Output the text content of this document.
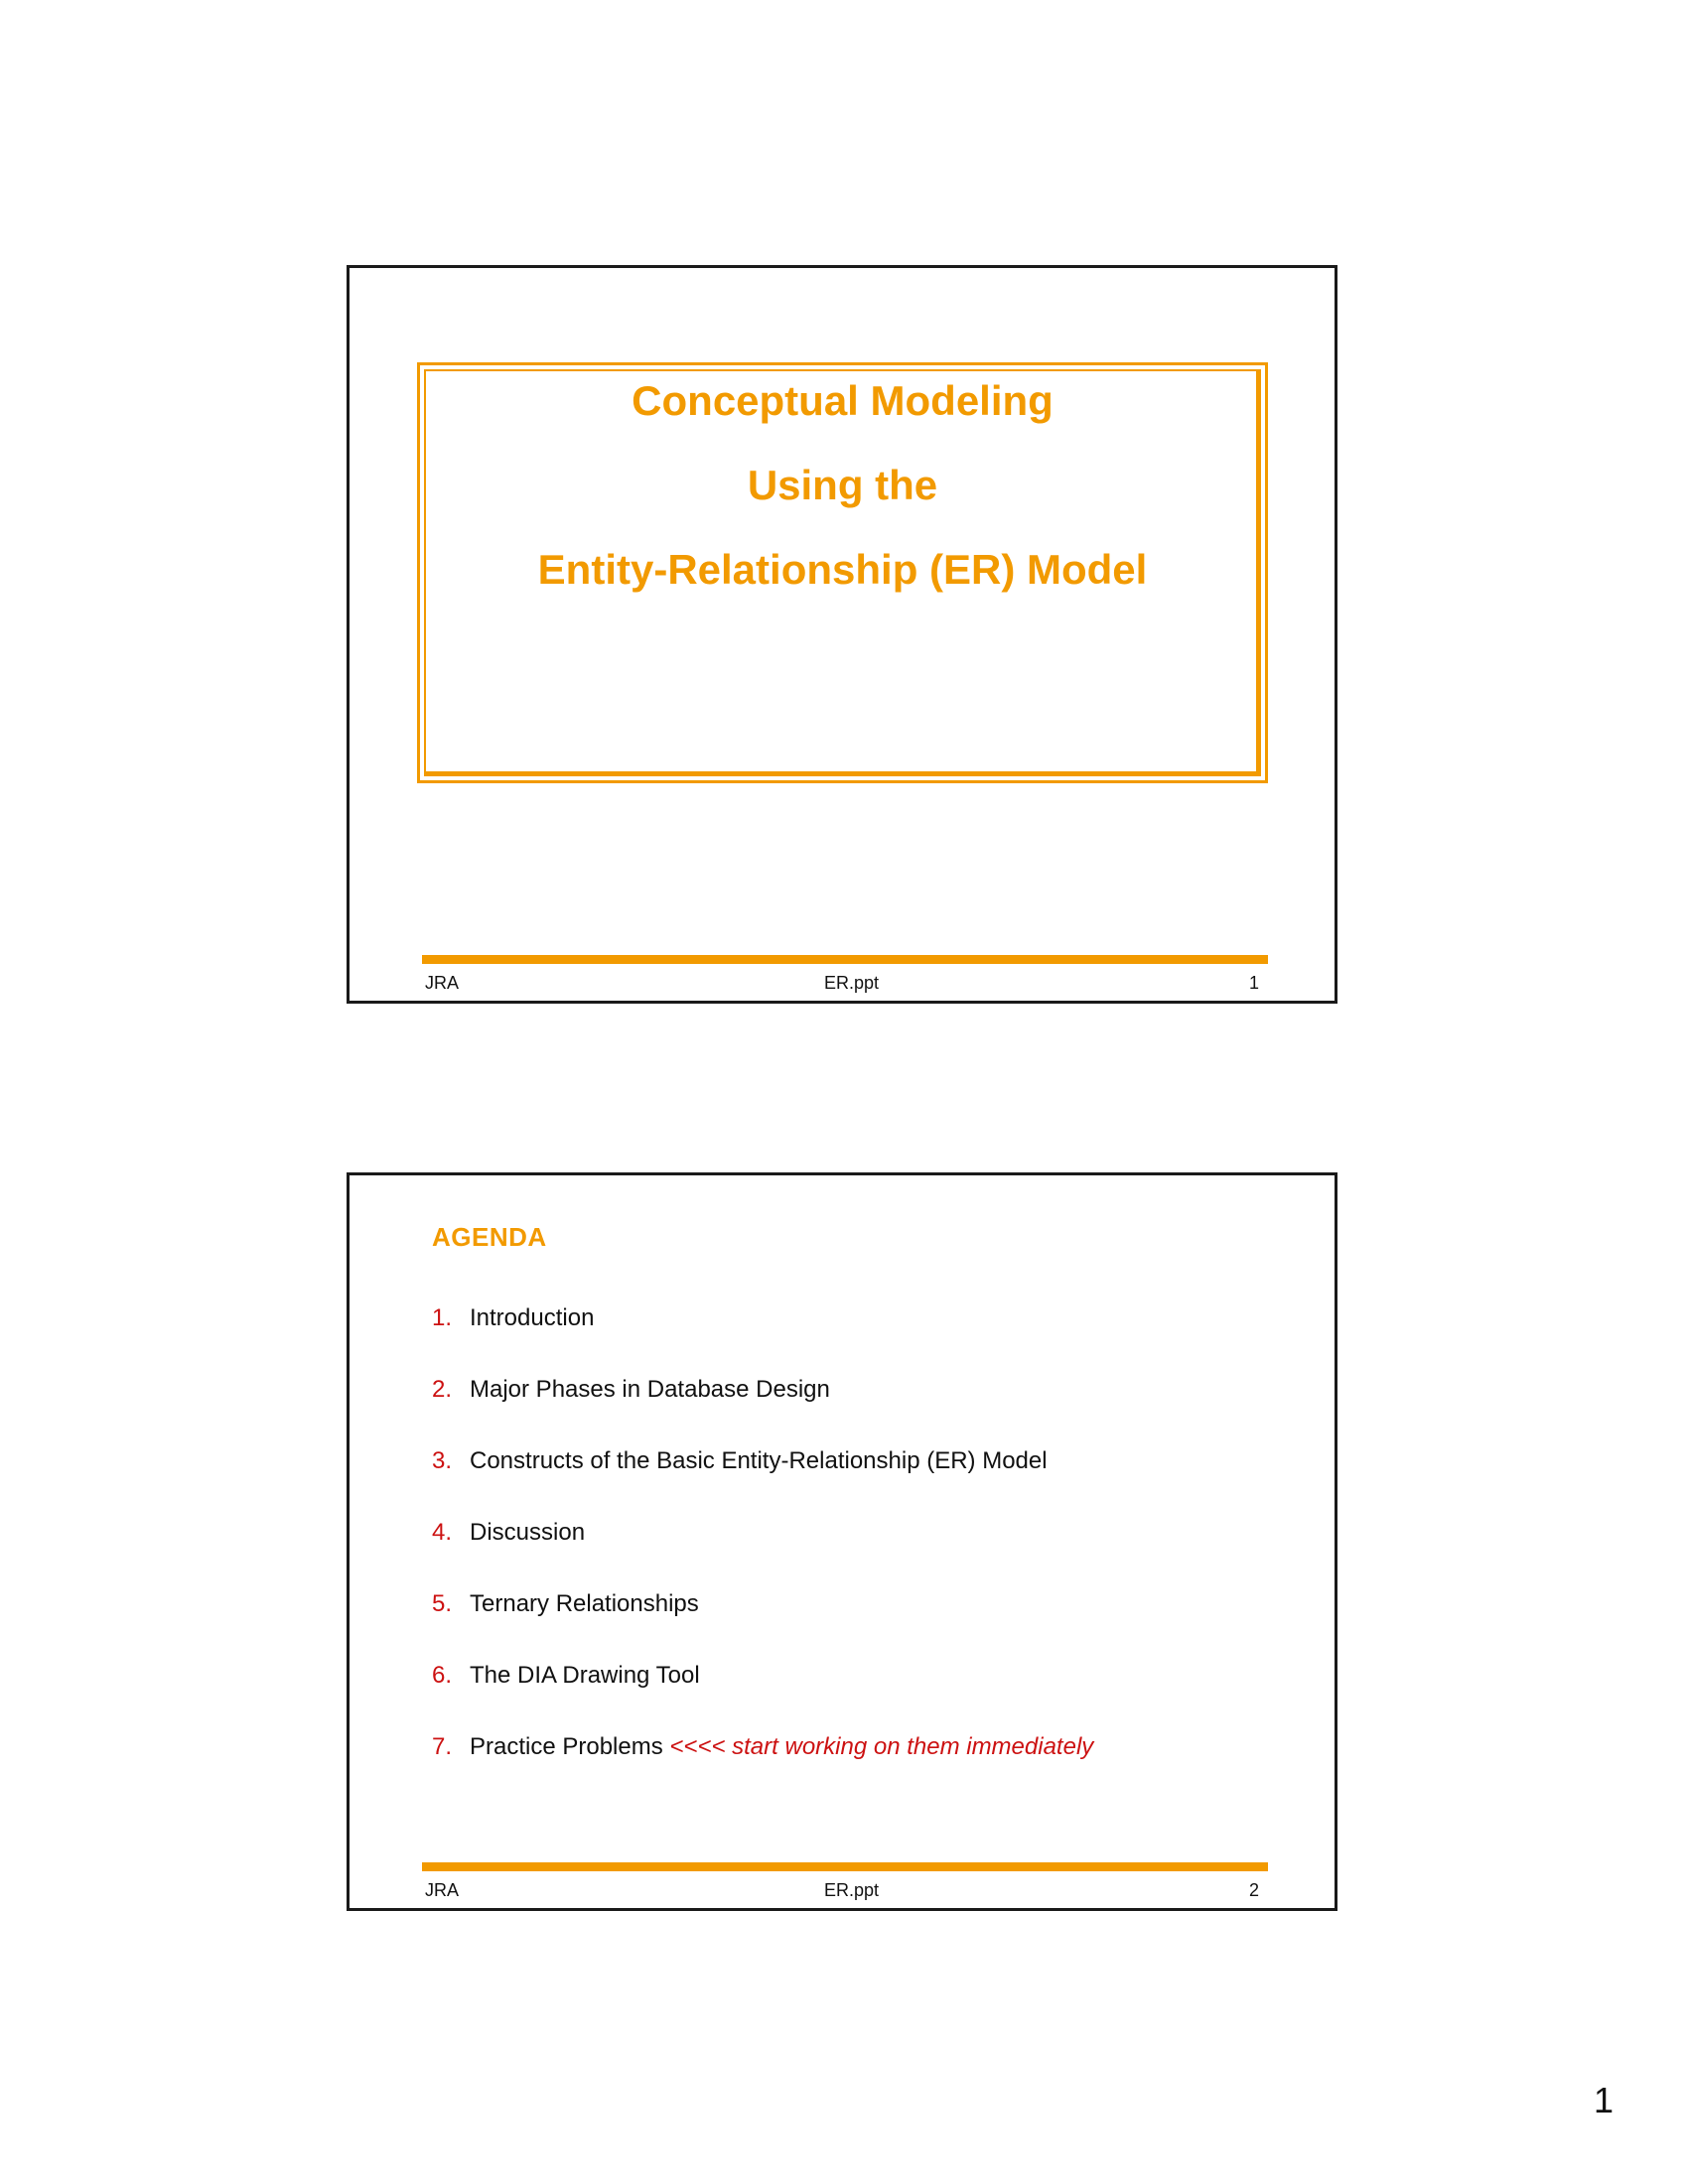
Conceptual Modeling
Using the
Entity-Relationship (ER) Model
JRA	ER.ppt	1
AGENDA
1. Introduction
2. Major Phases in Database Design
3. Constructs of the Basic Entity-Relationship (ER) Model
4. Discussion
5. Ternary Relationships
6. The DIA Drawing Tool
7. Practice Problems <<<< start working on them immediately
JRA	ER.ppt	2
1
